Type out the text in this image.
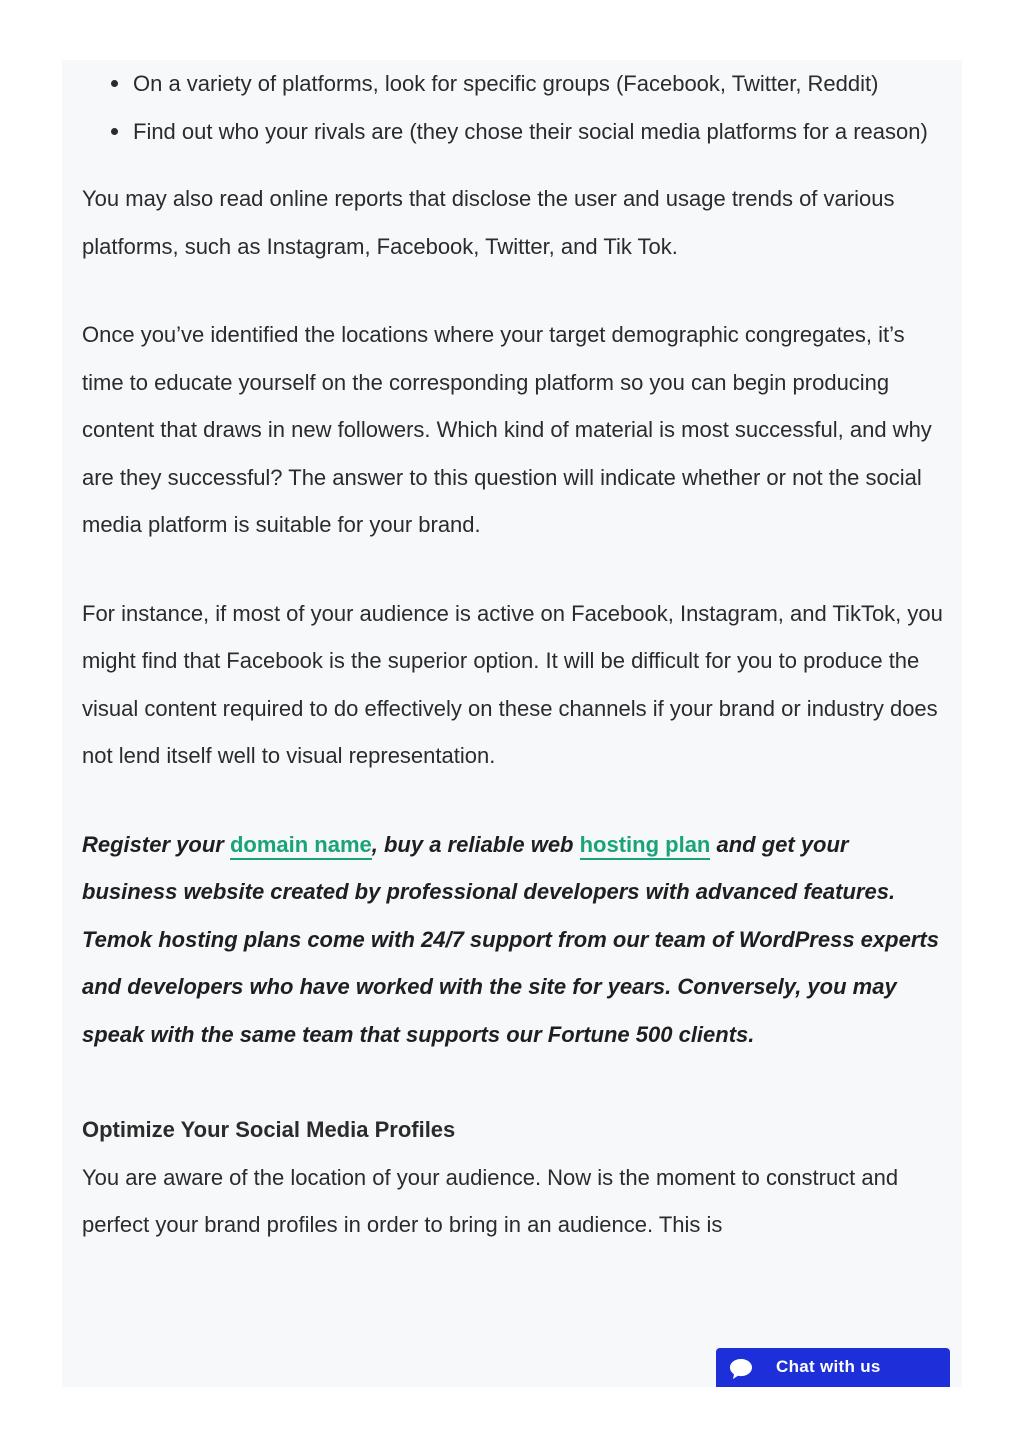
On a variety of platforms, look for specific groups (Facebook, Twitter, Reddit)
Find out who your rivals are (they chose their social media platforms for a reason)

You may also read online reports that disclose the user and usage trends of various platforms, such as Instagram, Facebook, Twitter, and Tik Tok.

Once you’ve identified the locations where your target demographic congregates, it’s time to educate yourself on the corresponding platform so you can begin producing content that draws in new followers. Which kind of material is most successful, and why are they successful? The answer to this question will indicate whether or not the social media platform is suitable for your brand.

For instance, if most of your audience is active on Facebook, Instagram, and TikTok, you might find that Facebook is the superior option. It will be difficult for you to produce the visual content required to do effectively on these channels if your brand or industry does not lend itself well to visual representation.

Register your domain name, buy a reliable web hosting plan and get your business website created by professional developers with advanced features. Temok hosting plans come with 24/7 support from our team of WordPress experts and developers who have worked with the site for years. Conversely, you may speak with the same team that supports our Fortune 500 clients.

Optimize Your Social Media Profiles

You are aware of the location of your audience. Now is the moment to construct and perfect your brand profiles in order to bring in an audience. This is

Chat with us
